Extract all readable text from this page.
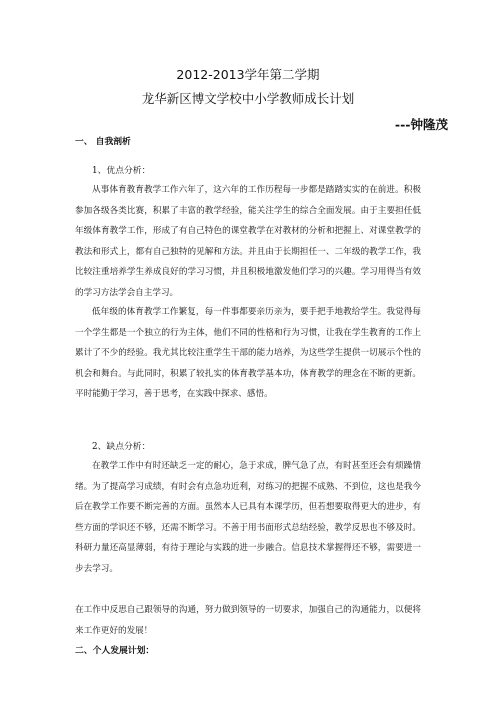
2012-2013学年第二学期
龙华新区博文学校中小学教师成长计划
---钟隆茂
一、 自我剖析
1、优点分析：

从事体育教育教学工作六年了，这六年的工作历程每一步都是踏踏实实的在前进。积极参加各级各类比赛，积累了丰富的教学经验，能关注学生的综合全面发展。由于主要担任低年级体育教学工作，形成了有自己特色的课堂教学在对教材的分析和把握上、对课堂教学的教法和形式上，都有自己独特的见解和方法。并且由于长期担任一、二年级的教学工作，我比较注重培养学生养成良好的学习习惯，并且积极地激发他们学习的兴趣。学习用得当有效的学习方法学会自主学习。

低年级的体育教学工作繁复，每一件事都要亲历亲为，要手把手地教给学生。我觉得每一个学生都是一个独立的行为主体，他们不同的性格和行为习惯，让我在学生教育的工作上累计了不少的经验。我尤其比较注重学生干部的能力培养，为这些学生提供一切展示个性的机会和舞台。与此同时，积累了较扎实的体育教学基本功，体育教学的理念在不断的更新。平时能勤于学习，善于思考，在实践中探求、感悟。

2、缺点分析：

在教学工作中有时还缺乏一定的耐心，急于求成，脾气急了点，有时甚至还会有烦躁情绪。为了提高学习成绩，有时会有点急功近利，对练习的把握不成熟、不到位，这也是我今后在教学工作要不断完善的方面。虽然本人已具有本课学历，但若想要取得更大的进步，有些方面的学识还不够，还需不断学习。不善于用书面形式总结经验，教学反思也不够及时。科研力量还高显薄弱，有待于理论与实践的进一步融合。信息技术掌握得还不够，需要进一步去学习。

在工作中反思自己跟领导的沟通，努力做到领导的一切要求，加强自己的沟通能力，以便将来工作更好的发展！

二、个人发展计划：
